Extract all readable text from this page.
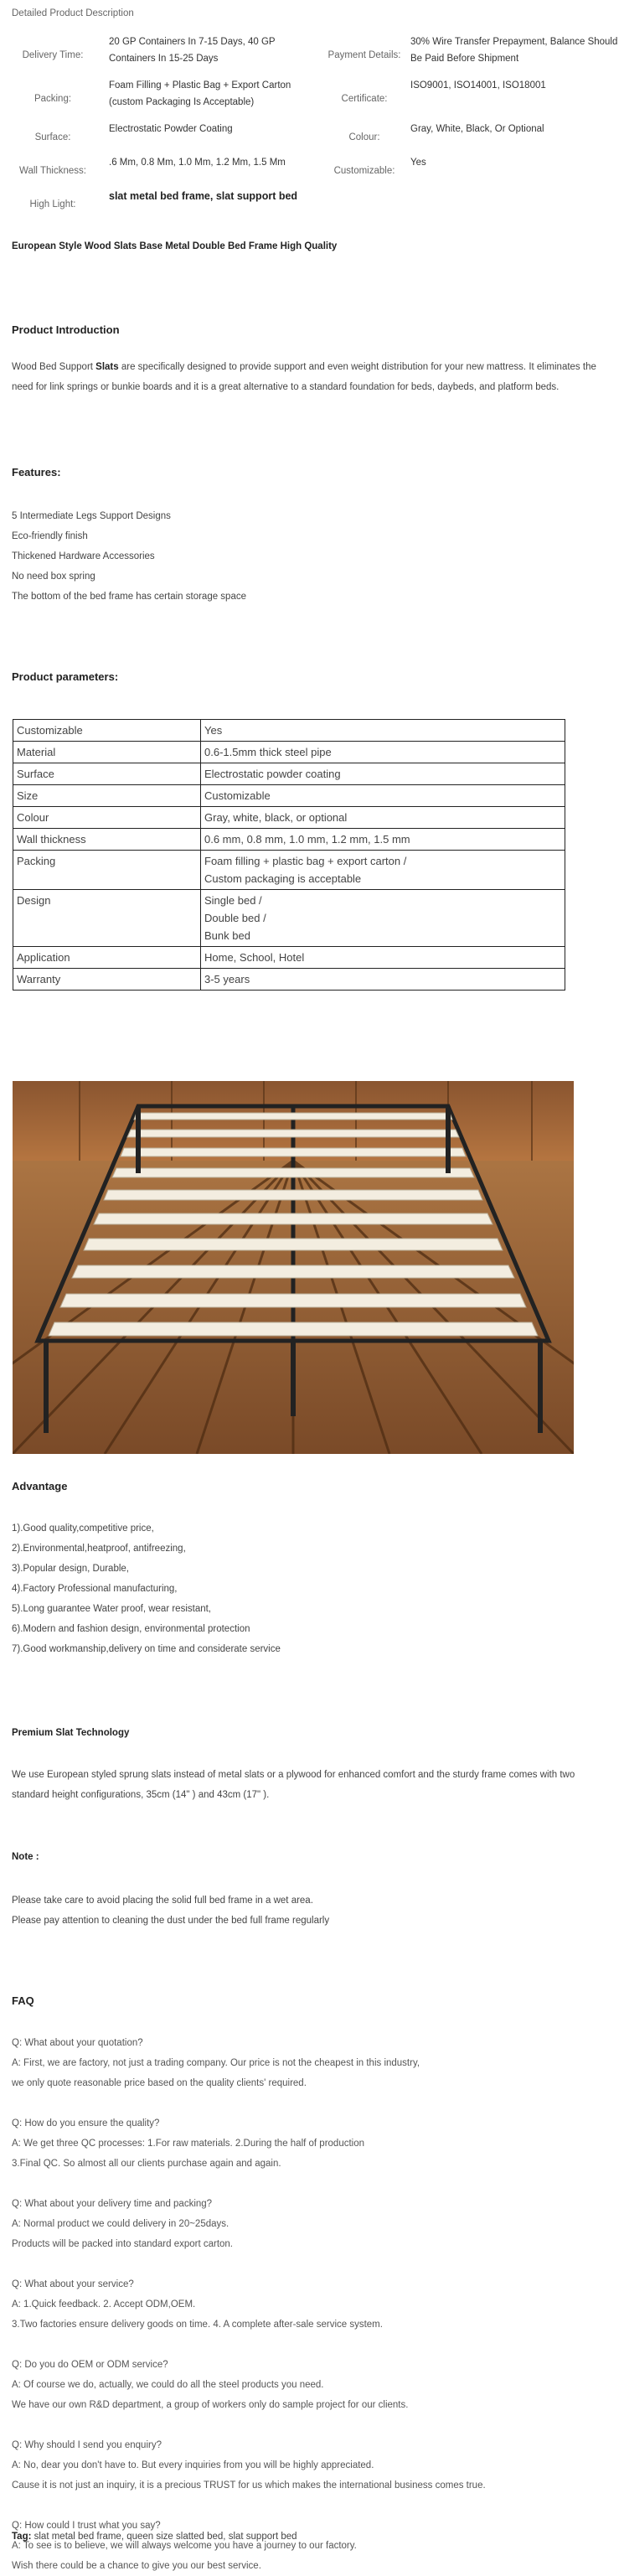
Detailed Product Description
Delivery Time:	20 GP Containers In 7-15 Days, 40 GP Containers In 15-25 Days	Payment Details:	30% Wire Transfer Prepayment, Balance Should Be Paid Before Shipment
Packing:	Foam Filling + Plastic Bag + Export Carton (custom Packaging Is Acceptable)	Certificate:	ISO9001, ISO14001, ISO18001
Surface:	Electrostatic Powder Coating	Colour:	Gray, White, Black, Or Optional
Wall Thickness:	.6 Mm, 0.8 Mm, 1.0 Mm, 1.2 Mm, 1.5 Mm	Customizable:	Yes
High Light:	slat metal bed frame, slat support bed		
European Style Wood Slats Base Metal Double Bed Frame High Quality
Product Introduction
Wood Bed Support Slats are specifically designed to provide support and even weight distribution for your new mattress. It eliminates the need for link springs or bunkie boards and it is a great alternative to a standard foundation for beds, daybeds, and platform beds.
Features:
5 Intermediate Legs Support Designs
Eco-friendly finish
Thickened Hardware Accessories
No need box spring
The bottom of the bed frame has certain storage space
Product parameters:
Customizable	Yes
Material	0.6-1.5mm thick steel pipe
Surface	Electrostatic powder coating
Size	Customizable
Colour	Gray, white, black, or optional
Wall thickness	0.6 mm, 0.8 mm, 1.0 mm, 1.2 mm, 1.5 mm
Packing	Foam filling + plastic bag + export carton /
Custom packaging is acceptable

Design	Single bed /
Double bed /
Bunk bed

Application	Home, School, Hotel
Warranty	3-5 years
Advantage
1).Good quality,competitive price,
2).Environmental,heatproof, antifreezing,
3).Popular design, Durable,
4).Factory Professional manufacturing,
5).Long guarantee Water proof, wear resistant,
6).Modern and fashion design, environmental protection
7).Good workmanship,delivery on time and considerate service
Premium Slat Technology
We use European styled sprung slats instead of metal slats or a plywood for enhanced comfort and the sturdy frame comes with two standard height configurations, 35cm (14" ) and 43cm (17" ).
Note :
Please take care to avoid placing the solid full bed frame in a wet area.
Please pay attention to cleaning the dust under the bed full frame regularly
FAQ
Q: What about your quotation?
A: First, we are factory, not just a trading company. Our price is not the cheapest in this industry,
we only quote reasonable price based on the quality clients' required.
Q: How do you ensure the quality?
A: We get three QC processes: 1.For raw materials. 2.During the half of production
3.Final QC. So almost all our clients purchase again and again.
Q: What about your delivery time and packing?
A: Normal product we could delivery in 20~25days.
Products will be packed into standard export carton.
Q: What about your service?
A: 1.Quick feedback. 2. Accept ODM,OEM.
3.Two factories ensure delivery goods on time. 4. A complete after-sale service system.
Q: Do you do OEM or ODM service?
A: Of course we do, actually, we could do all the steel products you need.
We have our own R&D department, a group of workers only do sample project for our clients.
Q: Why should I send you enquiry?
A: No, dear you don't have to. But every inquiries from you will be highly appreciated.
Cause it is not just an inquiry, it is a precious TRUST for us which makes the international business comes true.
Q: How could I trust what you say?
A: To see is to believe, we will always welcome you have a journey to our factory.
Wish there could be a chance to give you our best service.
Tag: slat metal bed frame, queen size slatted bed, slat support bed
